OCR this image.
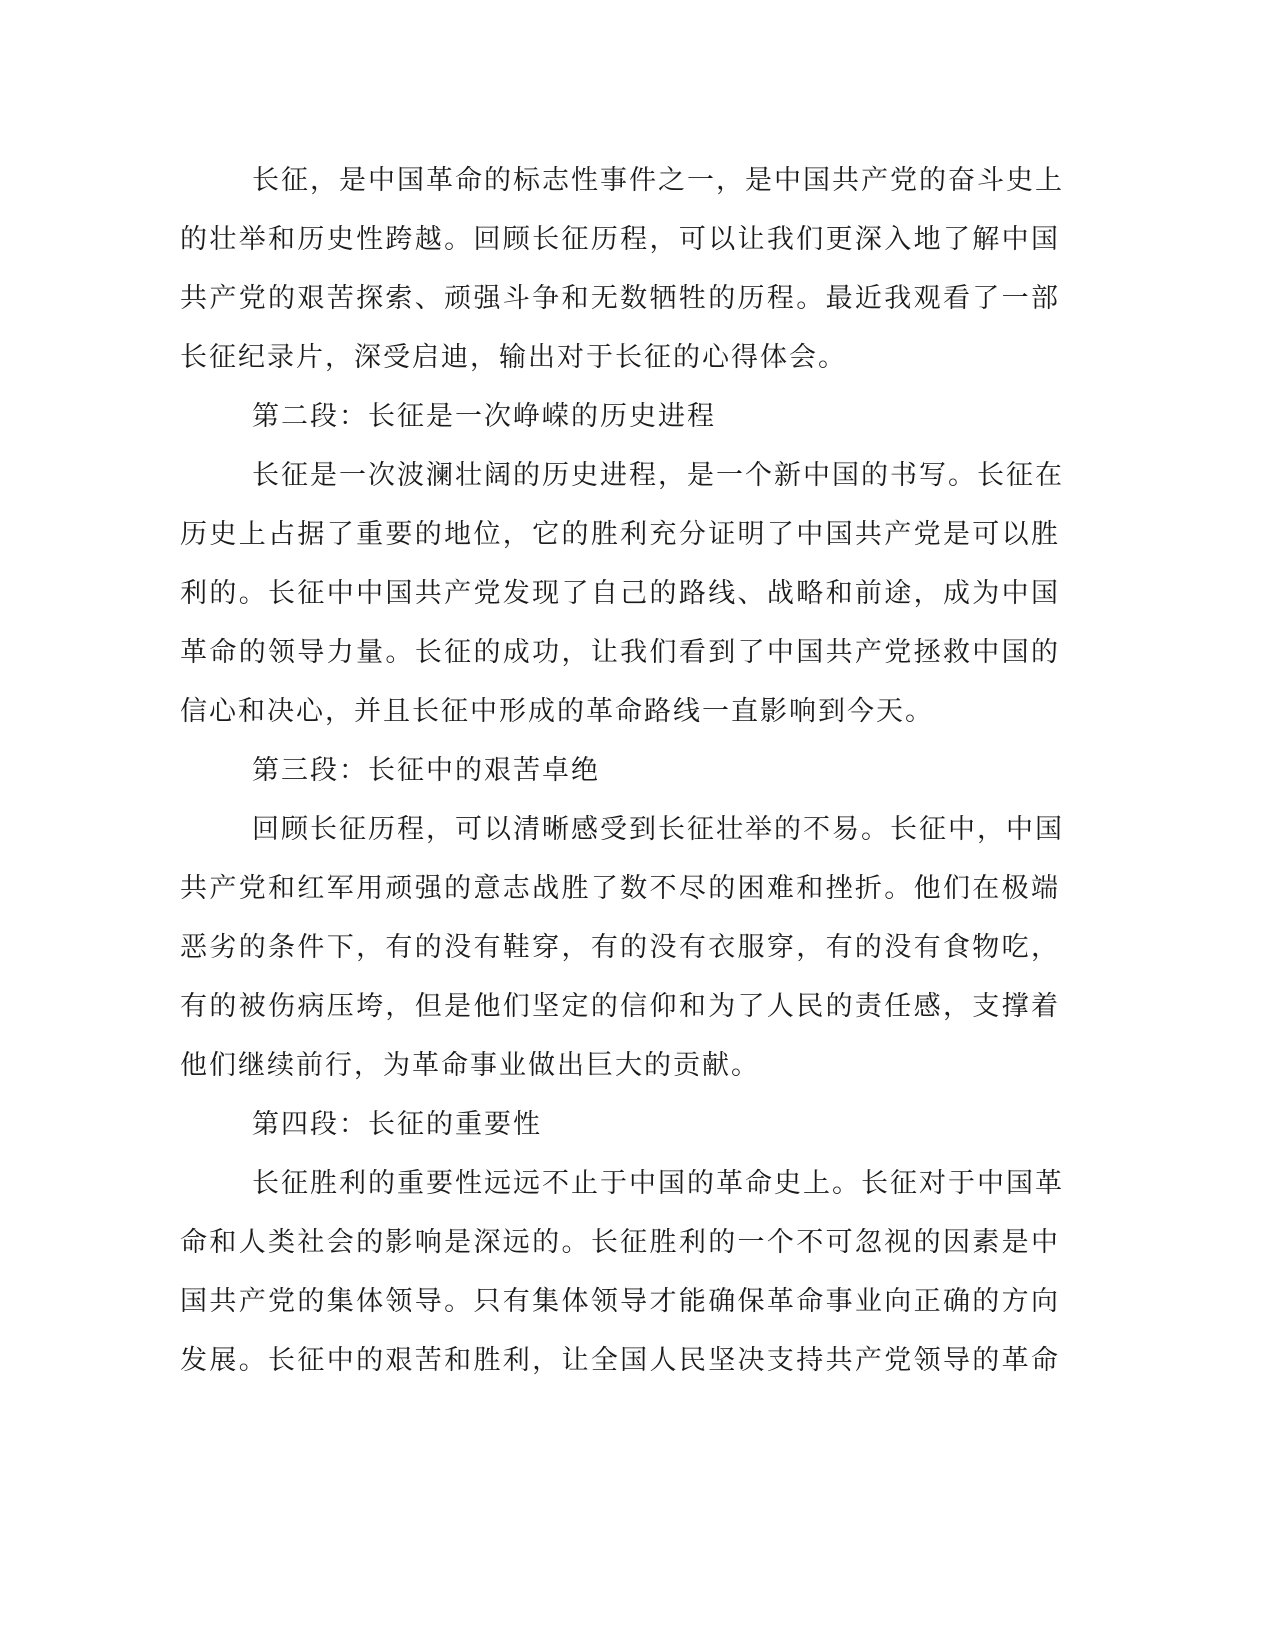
长征，是中国革命的标志性事件之一，是中国共产党的奋斗史上
的壮举和历史性跨越。回顾长征历程，可以让我们更深入地了解中国
共产党的艰苦探索、顽强斗争和无数牺牲的历程。最近我观看了一部
长征纪录片，深受启迪，输出对于长征的心得体会。
第二段：长征是一次峥嵘的历史进程
长征是一次波澜壮阔的历史进程，是一个新中国的书写。长征在
历史上占据了重要的地位，它的胜利充分证明了中国共产党是可以胜
利的。长征中中国共产党发现了自己的路线、战略和前途，成为中国
革命的领导力量。长征的成功，让我们看到了中国共产党拯救中国的
信心和决心，并且长征中形成的革命路线一直影响到今天。
第三段：长征中的艰苦卓绝
回顾长征历程，可以清晰感受到长征壮举的不易。长征中，中国
共产党和红军用顽强的意志战胜了数不尽的困难和挫折。他们在极端
恶劣的条件下，有的没有鞋穿，有的没有衣服穿，有的没有食物吃，
有的被伤病压垮，但是他们坚定的信仰和为了人民的责任感，支撑着
他们继续前行，为革命事业做出巨大的贡献。
第四段：长征的重要性
长征胜利的重要性远远不止于中国的革命史上。长征对于中国革
命和人类社会的影响是深远的。长征胜利的一个不可忽视的因素是中
国共产党的集体领导。只有集体领导才能确保革命事业向正确的方向
发展。长征中的艰苦和胜利，让全国人民坚决支持共产党领导的革命
